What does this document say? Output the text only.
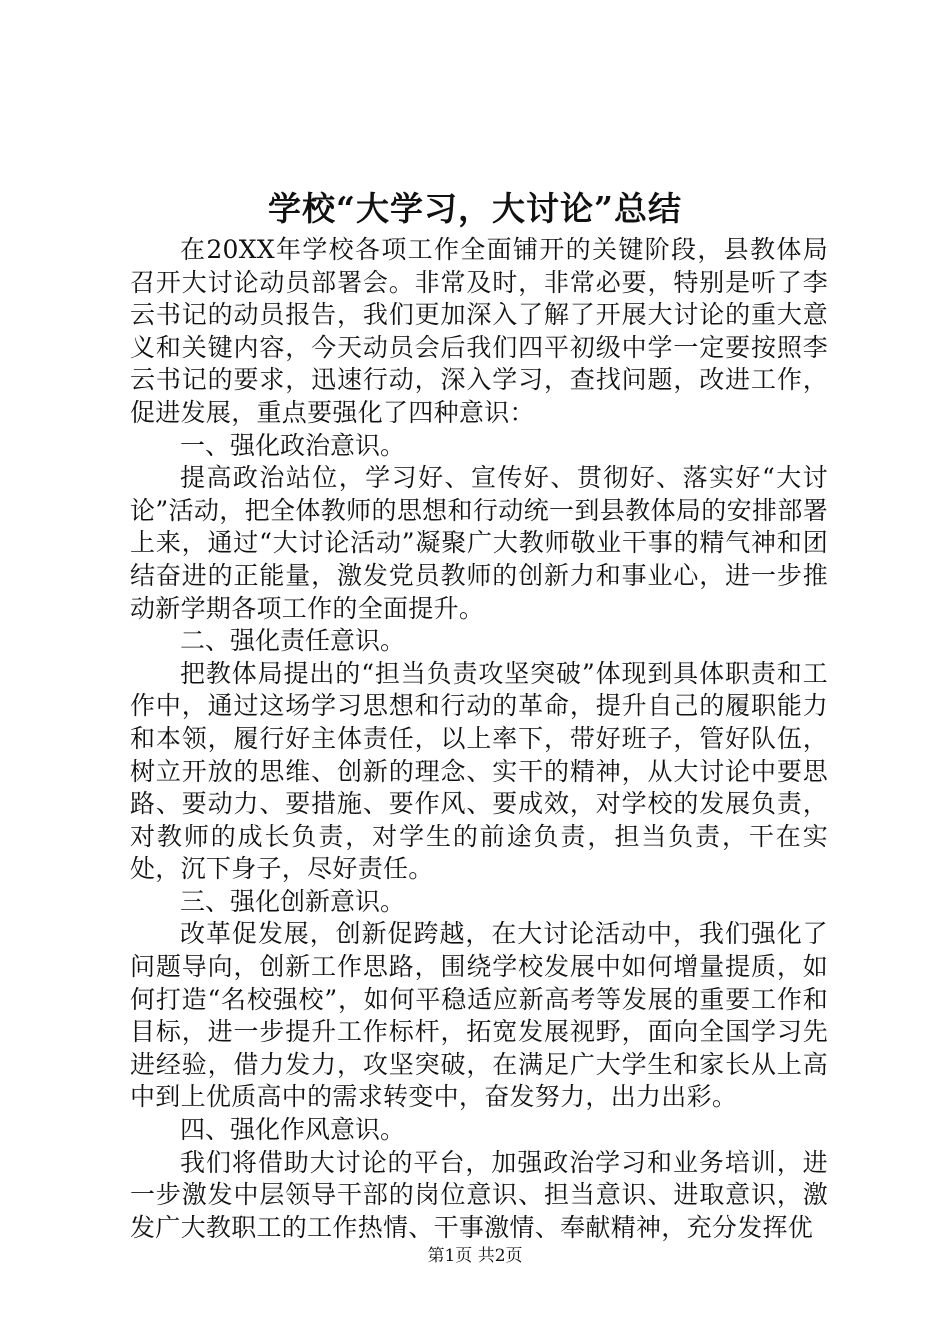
学校“大学习，大讨论”总结

在20XX年学校各项工作全面铺开的关键阶段，县教体局召开大讨论动员部署会。非常及时，非常必要，特别是听了李云书记的动员报告，我们更加深入了解了开展大讨论的重大意义和关键内容，今天动员会后我们四平初级中学一定要按照李云书记的要求，迅速行动，深入学习，查找问题，改进工作，促进发展，重点要强化了四种意识：

一、强化政治意识。

提高政治站位，学习好、宣传好、贯彻好、落实好“大讨论”活动，把全体教师的思想和行动统一到县教体局的安排部署上来，通过“大讨论活动”凝聚广大教师敬业干事的精气神和团结奋进的正能量，激发党员教师的创新力和事业心，进一步推动新学期各项工作的全面提升。

二、强化责任意识。

把教体局提出的“担当负责攻坚突破”体现到具体职责和工作中，通过这场学习思想和行动的革命，提升自己的履职能力和本领，履行好主体责任，以上率下，带好班子，管好队伍，树立开放的思维、创新的理念、实干的精神，从大讨论中要思路、要动力、要措施、要作风、要成效，对学校的发展负责，对教师的成长负责，对学生的前途负责，担当负责，干在实处，沉下身子，尽好责任。

三、强化创新意识。

改革促发展，创新促跨越，在大讨论活动中，我们强化了问题导向，创新工作思路，围绕学校发展中如何增量提质，如何打造“名校强校”，如何平稳适应新高考等发展的重要工作和目标，进一步提升工作标杆，拓宽发展视野，面向全国学习先进经验，借力发力，攻坚突破，在满足广大学生和家长从上高中到上优质高中的需求转变中，奋发努力，出力出彩。

四、强化作风意识。

我们将借助大讨论的平台，加强政治学习和业务培训，进一步激发中层领导干部的岗位意识、担当意识、进取意识，激发广大教职工的工作热情、干事激情、奉献精神，充分发挥优

第1页 共2页
